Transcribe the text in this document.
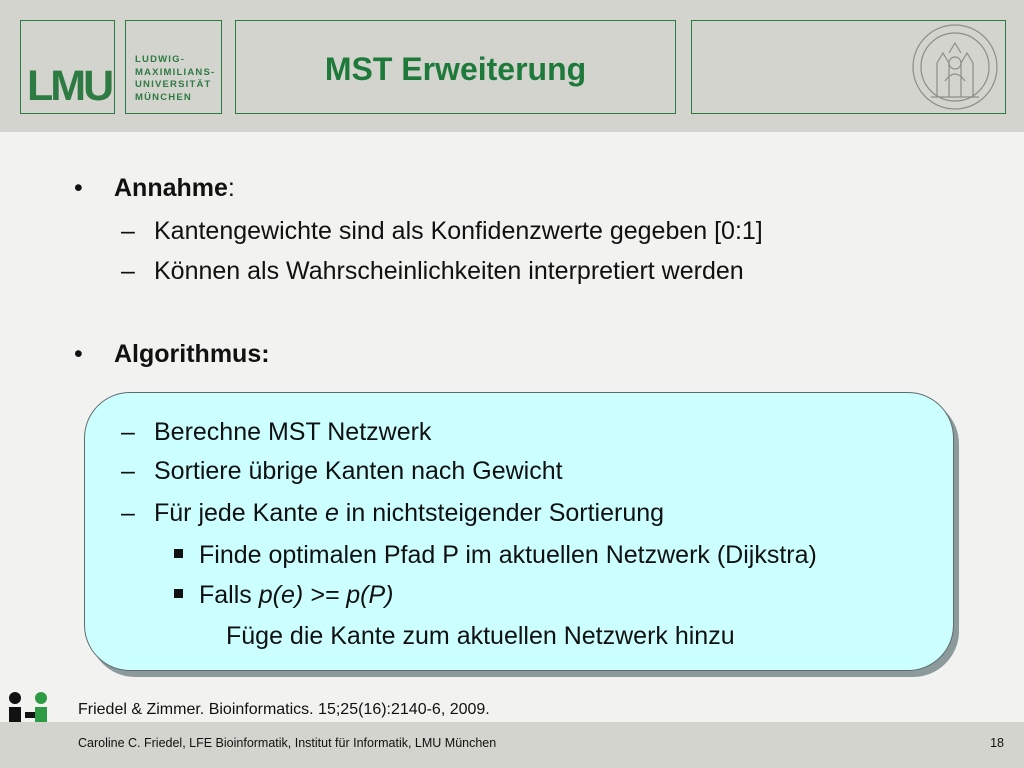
LMU
LUDWIG-
MAXIMILIANS-
UNIVERSITÄT
MÜNCHEN
MST Erweiterung
• Annahme:
– Kantengewichte sind als Konfidenzwerte gegeben [0:1]
– Können als Wahrscheinlichkeiten interpretiert werden
• Algorithmus:
– Berechne MST Netzwerk
– Sortiere übrige Kanten nach Gewicht
– Für jede Kante e in nichtsteigender Sortierung
Finde optimalen Pfad P im aktuellen Netzwerk (Dijkstra)
Falls p(e) >= p(P)
Füge die Kante zum aktuellen Netzwerk hinzu
Friedel & Zimmer. Bioinformatics. 15;25(16):2140-6, 2009.
Caroline C. Friedel, LFE Bioinformatik, Institut für Informatik, LMU München	18
